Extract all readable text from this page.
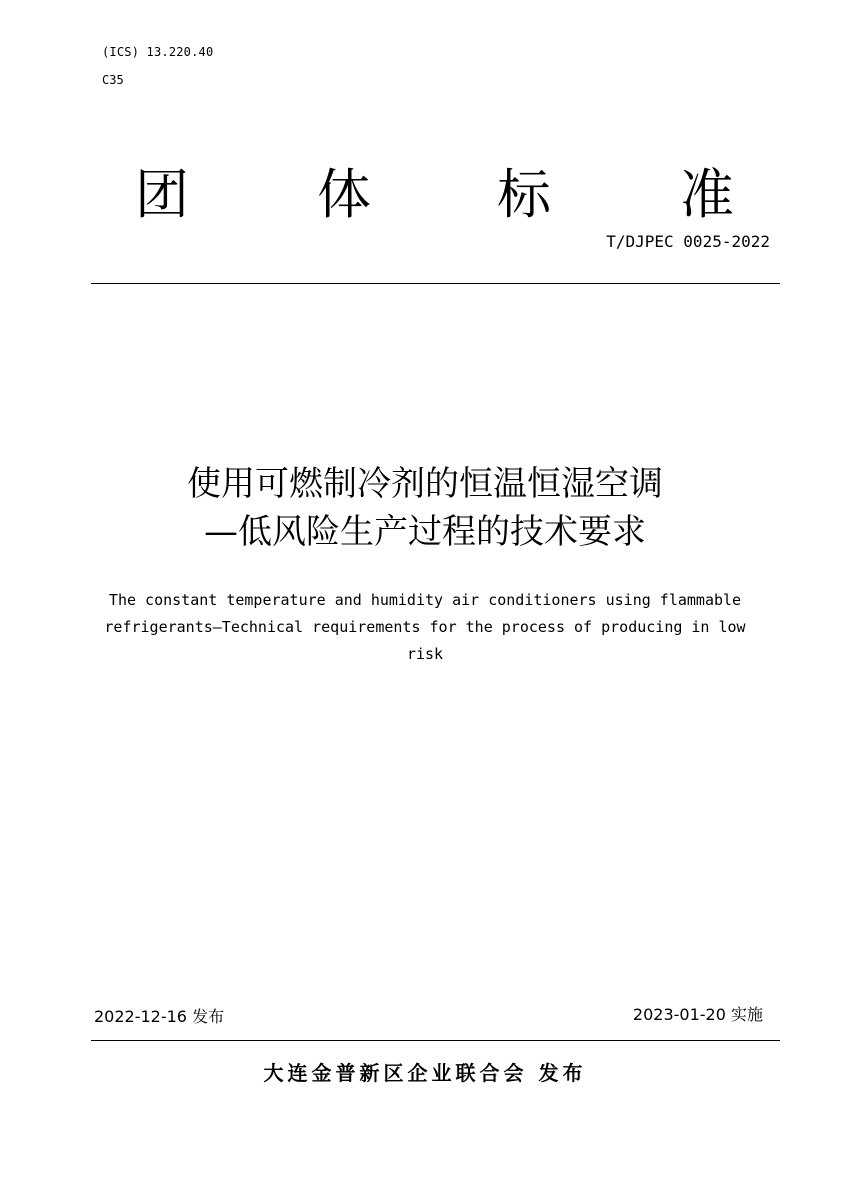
(ICS) 13.220.40
C35
团 体 标 准
T/DJPEC 0025-2022
使用可燃制冷剂的恒温恒湿空调
—低风险生产过程的技术要求
The constant temperature and humidity air conditioners using flammable
refrigerants—Technical requirements for the process of producing in low
risk
2022-12-16 发布	2023-01-20 实施
大连金普新区企业联合会 发布
